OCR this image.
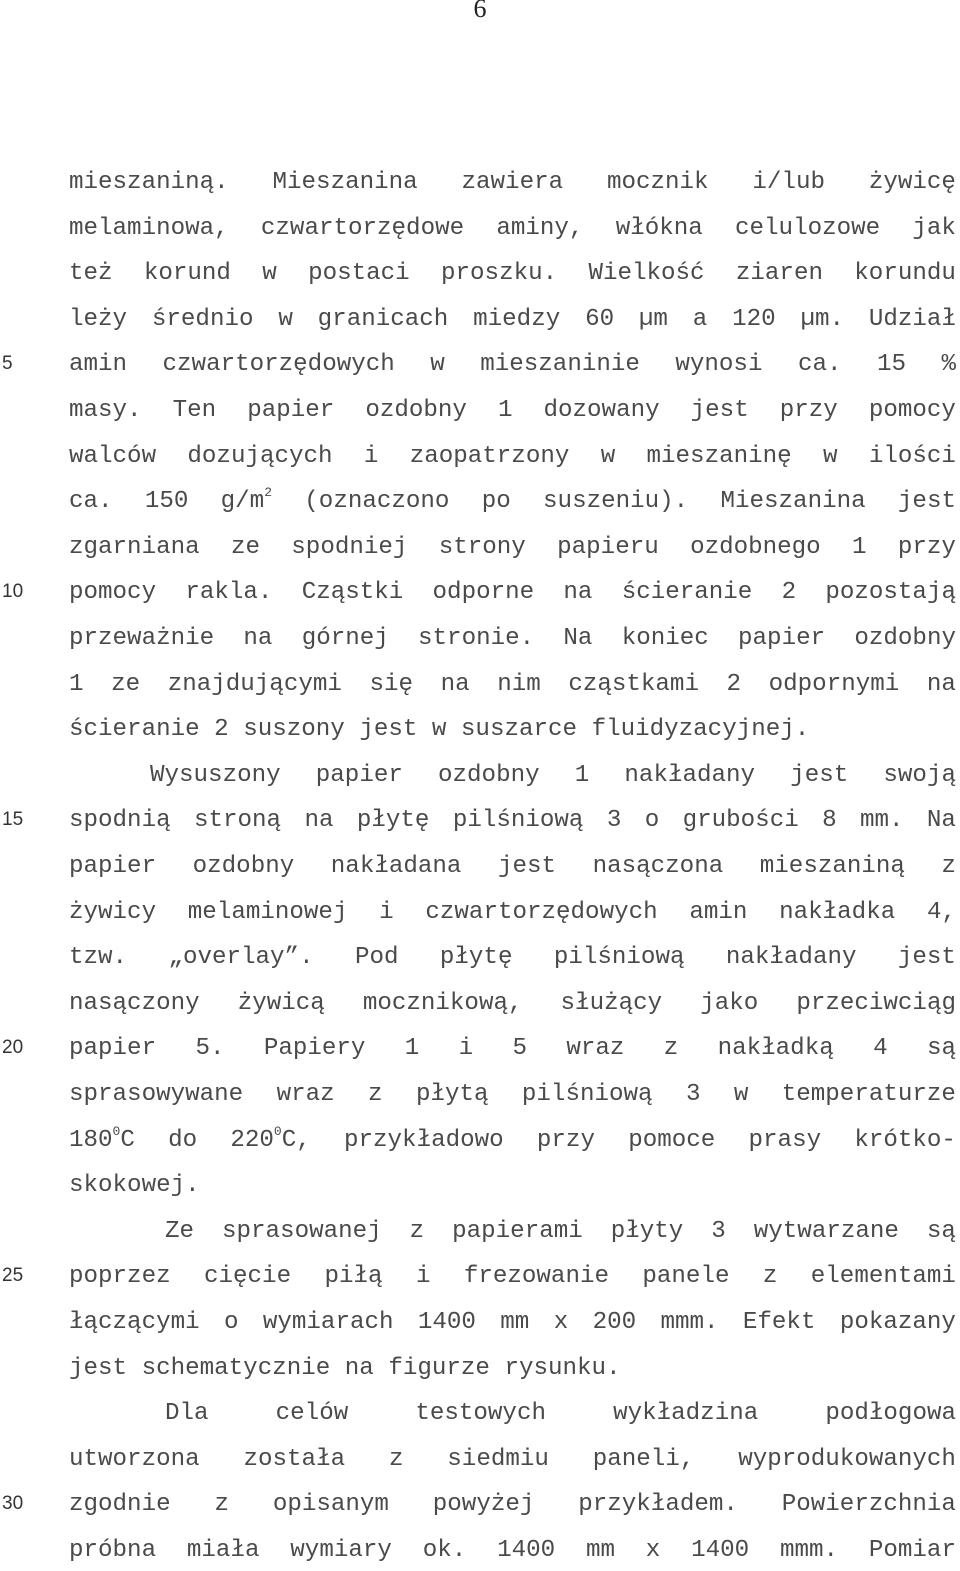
6
5
10
15
20
25
30
mieszaniną. Mieszanina zawiera mocznik i/lub żywicę
melaminowa, czwartorzędowe aminy, włókna celulozowe jak
też korund w postaci proszku. Wielkość ziaren korundu
leży średnio w granicach miedzy 60 µm a 120 µm. Udział
amin czwartorzędowych w mieszaninie wynosi ca. 15 %
masy. Ten papier ozdobny 1 dozowany jest przy pomocy
walców dozujących i zaopatrzony w mieszaninę w ilości
ca. 150 $g/m^2$ (oznaczono po suszeniu). Mieszanina jest
zgarniana ze spodniej strony papieru ozdobnego 1 przy
pomocy rakla. Cząstki odporne na ścieranie 2 pozostają
przeważnie na górnej stronie. Na koniec papier ozdobny
1 ze znajdującymi się na nim cząstkami 2 odpornymi na
ścieranie 2 suszony jest w suszarce fluidyzacyjnej.
Wysuszony papier ozdobny 1 nakładany jest swoją
spodnią stroną na płytę pilśniową 3 o grubości 8 mm. Na
papier ozdobny nakładana jest nasączona mieszaniną z
żywicy melaminowej i czwartorzędowych amin nakładka 4,
tzw. „overlay”. Pod płytę pilśniową nakładany jest
nasączony żywicą mocznikową, służący jako przeciwciąg
papier 5. Papiery 1 i 5 wraz z nakładką 4 są
sprasowywane wraz z płytą pilśniową 3 w temperaturze
$180^0C$ do $220^0C$, przykładowo przy pomoce prasy krótko-
skokowej.
Ze sprasowanej z papierami płyty 3 wytwarzane są
poprzez cięcie piłą i frezowanie panele z elementami
łączącymi o wymiarach 1400 mm x 200 mmm. Efekt pokazany
jest schematycznie na figurze rysunku.
Dla	celów	testowych	wykładzina	podłogowa
utworzona została z siedmiu paneli, wyprodukowanych
zgodnie z opisanym powyżej przykładem. Powierzchnia
próbna miała wymiary ok. 1400 mm x 1400 mmm. Pomiar
